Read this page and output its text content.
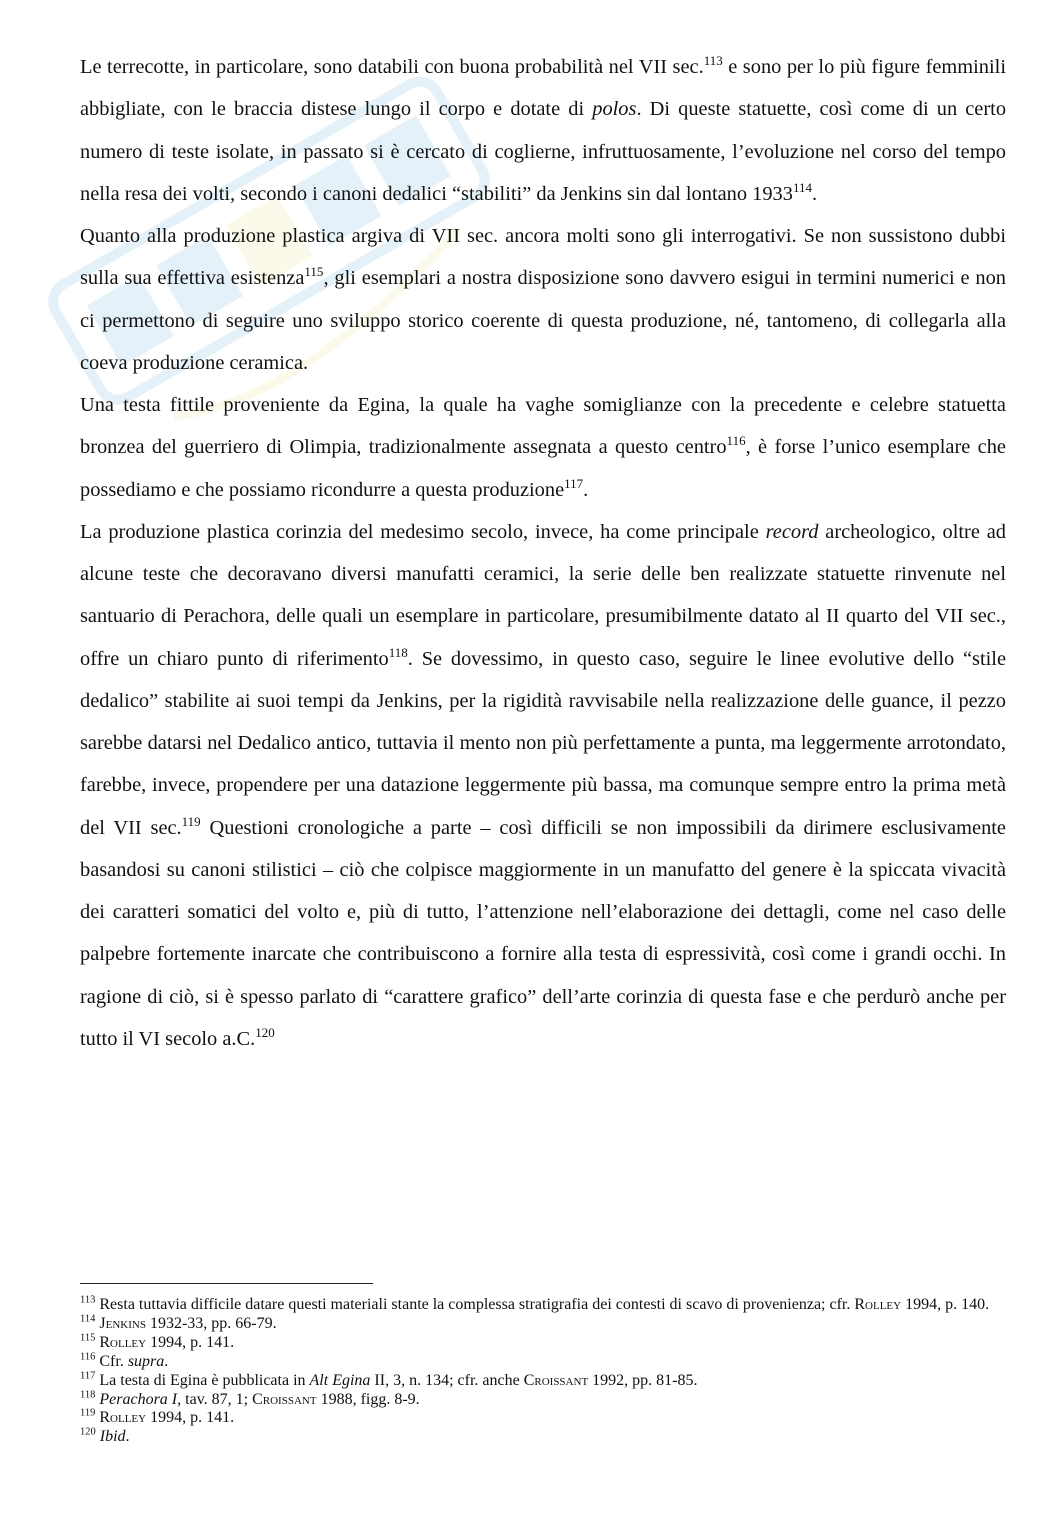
Le terrecotte, in particolare, sono databili con buona probabilità nel VII sec.$^{113}$ e sono per lo più figure femminili abbigliate, con le braccia distese lungo il corpo e dotate di polos. Di queste statuette, così come di un certo numero di teste isolate, in passato si è cercato di coglierne, infruttuosamente, l’evoluzione nel corso del tempo nella resa dei volti, secondo i canoni dedalici “stabiliti” da Jenkins sin dal lontano 1933$^{114}$.

Quanto alla produzione plastica argiva di VII sec. ancora molti sono gli interrogativi. Se non sussistono dubbi sulla sua effettiva esistenza$^{115}$, gli esemplari a nostra disposizione sono davvero esigui in termini numerici e non ci permettono di seguire uno sviluppo storico coerente di questa produzione, né, tantomeno, di collegarla alla coeva produzione ceramica.

Una testa fittile proveniente da Egina, la quale ha vaghe somiglianze con la precedente e celebre statuetta bronzea del guerriero di Olimpia, tradizionalmente assegnata a questo centro$^{116}$, è forse l’unico esemplare che possediamo e che possiamo ricondurre a questa produzione$^{117}$.

La produzione plastica corinzia del medesimo secolo, invece, ha come principale record archeologico, oltre ad alcune teste che decoravano diversi manufatti ceramici, la serie delle ben realizzate statuette rinvenute nel santuario di Perachora, delle quali un esemplare in particolare, presumibilmente datato al II quarto del VII sec., offre un chiaro punto di riferimento$^{118}$. Se dovessimo, in questo caso, seguire le linee evolutive dello “stile dedalico” stabilite ai suoi tempi da Jenkins, per la rigidità ravvisabile nella realizzazione delle guance, il pezzo sarebbe datarsi nel Dedalico antico, tuttavia il mento non più perfettamente a punta, ma leggermente arrotondato, farebbe, invece, propendere per una datazione leggermente più bassa, ma comunque sempre entro la prima metà del VII sec.$^{119}$ Questioni cronologiche a parte – così difficili se non impossibili da dirimere esclusivamente basandosi su canoni stilistici – ciò che colpisce maggiormente in un manufatto del genere è la spiccata vivacità dei caratteri somatici del volto e, più di tutto, l’attenzione nell’elaborazione dei dettagli, come nel caso delle palpebre fortemente inarcate che contribuiscono a fornire alla testa di espressività, così come i grandi occhi. In ragione di ciò, si è spesso parlato di “carattere grafico” dell’arte corinzia di questa fase e che perdurò anche per tutto il VI secolo a.C.$^{120}$

$^{113}$ Resta tuttavia difficile datare questi materiali stante la complessa stratigrafia dei contesti di scavo di provenienza; cfr. Rolley 1994, p. 140.

$^{114}$ Jenkins 1932-33, pp. 66-79.

$^{115}$ Rolley 1994, p. 141.

$^{116}$ Cfr. supra.

$^{117}$ La testa di Egina è pubblicata in Alt Egina II, 3, n. 134; cfr. anche Croissant 1992, pp. 81-85.

$^{118}$ Perachora I, tav. 87, 1; Croissant 1988, figg. 8-9.

$^{119}$ Rolley 1994, p. 141.

$^{120}$ Ibid.
